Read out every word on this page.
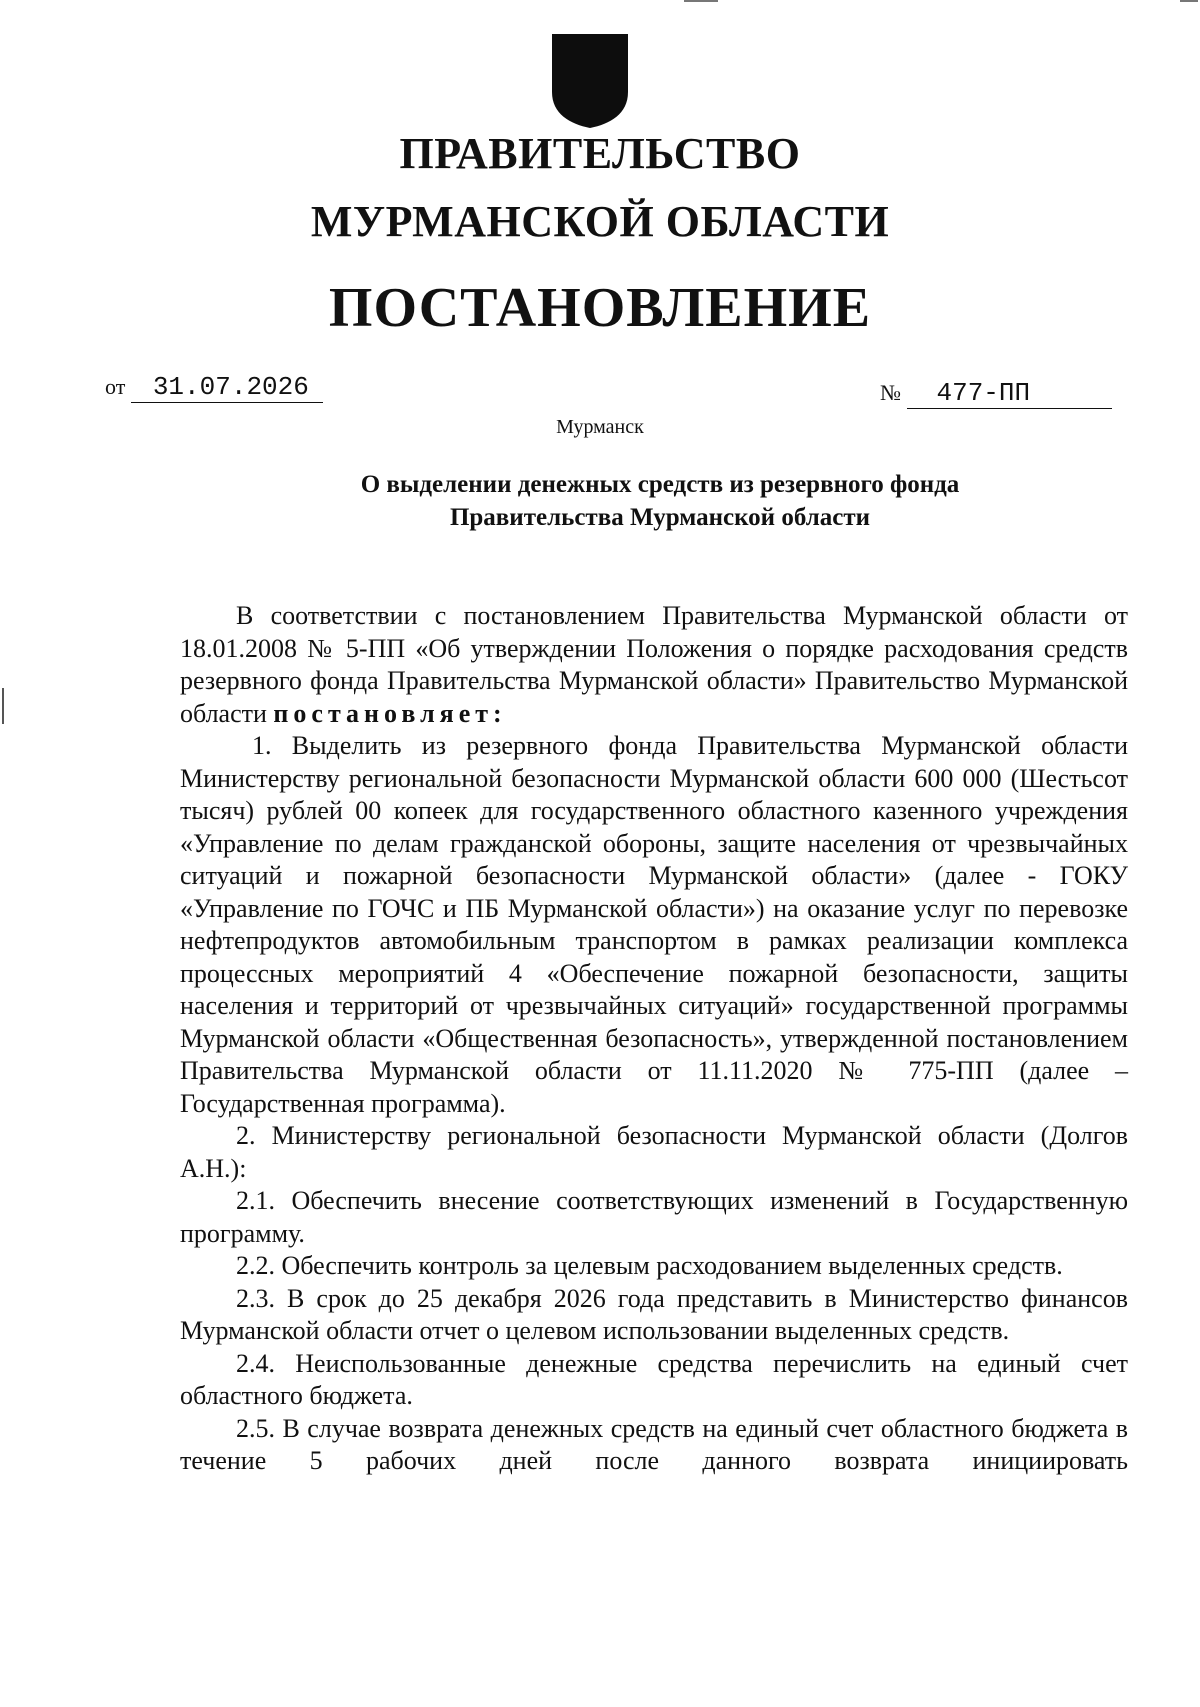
ПРАВИТЕЛЬСТВО
МУРМАНСКОЙ ОБЛАСТИ
ПОСТАНОВЛЕНИЕ
от 31.07.2026	№ 477-ПП
Мурманск
О выделении денежных средств из резервного фонда
Правительства Мурманской области

В соответствии с постановлением Правительства Мурманской области от 18.01.2008 № 5-ПП «Об утверждении Положения о порядке расходования средств резервного фонда Правительства Мурманской области» Правительство Мурманской области постановляет:

1. Выделить из резервного фонда Правительства Мурманской области Министерству региональной безопасности Мурманской области 600 000 (Шестьсот тысяч) рублей 00 копеек для государственного областного казенного учреждения «Управление по делам гражданской обороны, защите населения от чрезвычайных ситуаций и пожарной безопасности Мурманской области» (далее - ГОКУ «Управление по ГОЧС и ПБ Мурманской области») на оказание услуг по перевозке нефтепродуктов автомобильным транспортом в рамках реализации комплекса процессных мероприятий 4 «Обеспечение пожарной безопасности, защиты населения и территорий от чрезвычайных ситуаций» государственной программы Мурманской области «Общественная безопасность», утвержденной постановлением Правительства Мурманской области от 11.11.2020 № 775-ПП (далее – Государственная программа).

2. Министерству региональной безопасности Мурманской области (Долгов А.Н.):

2.1. Обеспечить внесение соответствующих изменений в Государственную программу.

2.2. Обеспечить контроль за целевым расходованием выделенных средств.

2.3. В срок до 25 декабря 2026 года представить в Министерство финансов Мурманской области отчет о целевом использовании выделенных средств.

2.4. Неиспользованные денежные средства перечислить на единый счет областного бюджета.

2.5. В случае возврата денежных средств на единый счет областного бюджета в течение 5 рабочих дней после данного возврата инициировать
